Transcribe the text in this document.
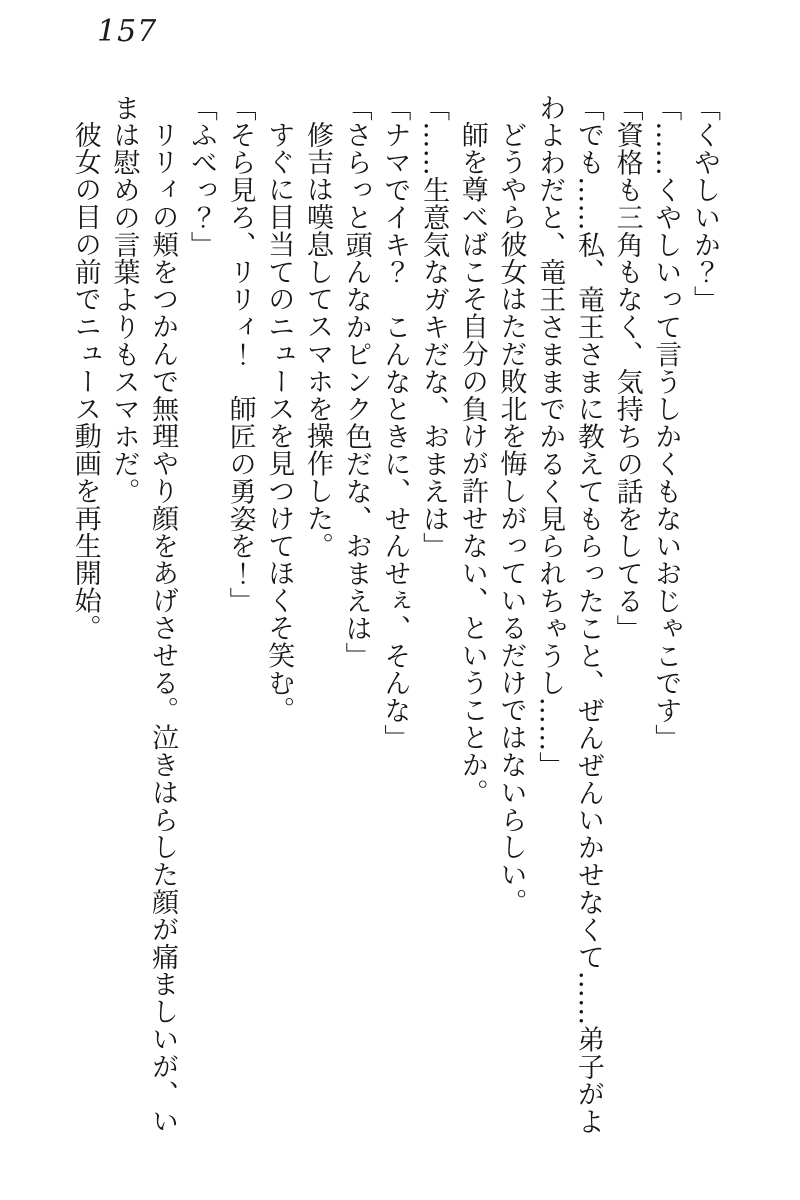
157
「くやしいか？」
「……くやしいって言うしかくもないおじゃこです」
「資格も三角もなく、気持ちの話をしてる」
「でも……私、竜王さまに教えてもらったこと、ぜんぜんいかせなくて……弟子がよ
わよわだと、竜王さままでかるく見られちゃうし……」
どうやら彼女はただ敗北を悔しがっているだけではないらしい。
師を尊べばこそ自分の負けが許せない、ということか。
「……生意気なガキだな、おまえは」
「ナマでイキ？　こんなときに、せんせぇ、そんな」
「さらっと頭んなかピンク色だな、おまえは」
修吉は嘆息してスマホを操作した。
すぐに目当てのニュースを見つけてほくそ笑む。
「そら見ろ、リリィ！　師匠の勇姿を！」
「ふべっ？」
リリィの頬をつかんで無理やり顔をあげさせる。泣きはらした顔が痛ましいが、い
まは慰めの言葉よりもスマホだ。
彼女の目の前でニュース動画を再生開始。
